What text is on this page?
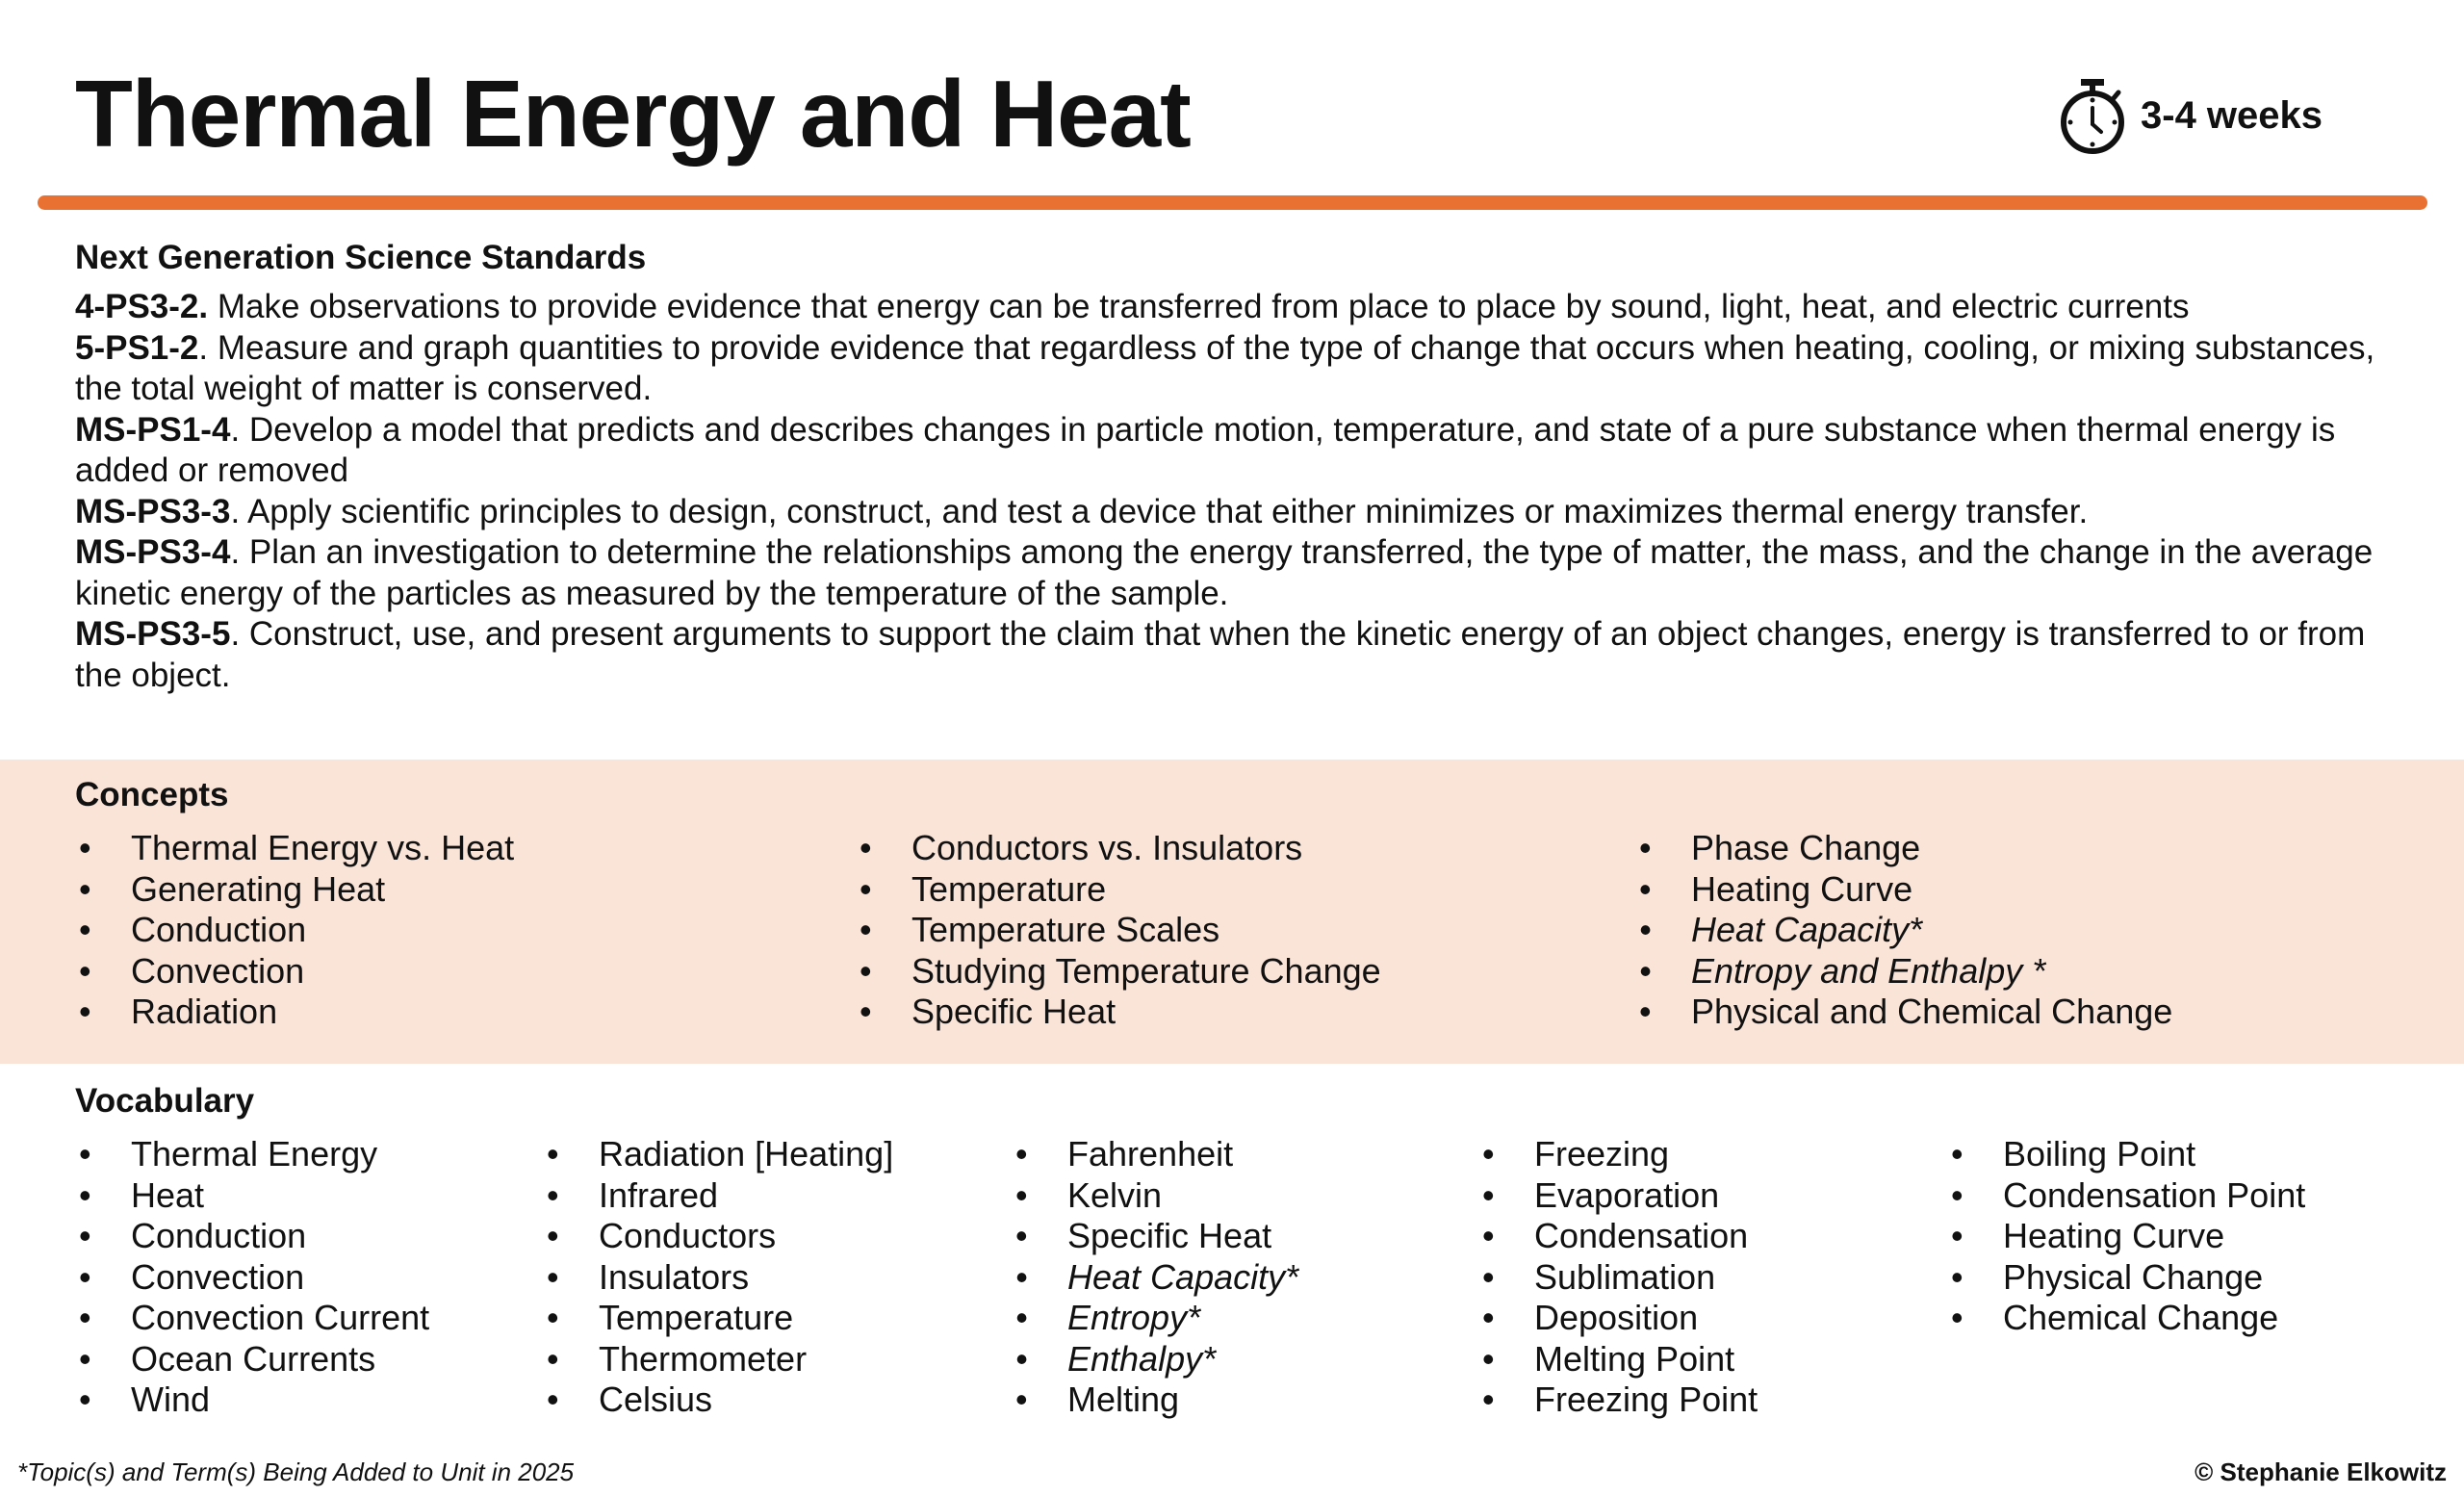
Thermal Energy and Heat	3-4 weeks
Next Generation Science Standards

4-PS3-2. Make observations to provide evidence that energy can be transferred from place to place by sound, light, heat, and electric currents

5-PS1-2. Measure and graph quantities to provide evidence that regardless of the type of change that occurs when heating, cooling, or mixing substances, the total weight of matter is conserved.

MS-PS1-4. Develop a model that predicts and describes changes in particle motion, temperature, and state of a pure substance when thermal energy is added or removed

MS-PS3-3. Apply scientific principles to design, construct, and test a device that either minimizes or maximizes thermal energy transfer.

MS-PS3-4. Plan an investigation to determine the relationships among the energy transferred, the type of matter, the mass, and the change in the average kinetic energy of the particles as measured by the temperature of the sample.

MS-PS3-5. Construct, use, and present arguments to support the claim that when the kinetic energy of an object changes, energy is transferred to or from the object.

Concepts
• Thermal Energy vs. Heat
• Generating Heat
• Conduction
• Convection
• Radiation
• Conductors vs. Insulators
• Temperature
• Temperature Scales
• Studying Temperature Change
• Specific Heat
• Phase Change
• Heating Curve
• Heat Capacity*
• Entropy and Enthalpy *
• Physical and Chemical Change
Vocabulary
• Thermal Energy
• Heat
• Conduction
• Convection
• Convection Current
• Ocean Currents
• Wind
• Radiation [Heating]
• Infrared
• Conductors
• Insulators
• Temperature
• Thermometer
• Celsius
• Fahrenheit
• Kelvin
• Specific Heat
• Heat Capacity*
• Entropy*
• Enthalpy*
• Melting
• Freezing
• Evaporation
• Condensation
• Sublimation
• Deposition
• Melting Point
• Freezing Point
• Boiling Point
• Condensation Point
• Heating Curve
• Physical Change
• Chemical Change
*Topic(s) and Term(s) Being Added to Unit in 2025	© Stephanie Elkowitz
